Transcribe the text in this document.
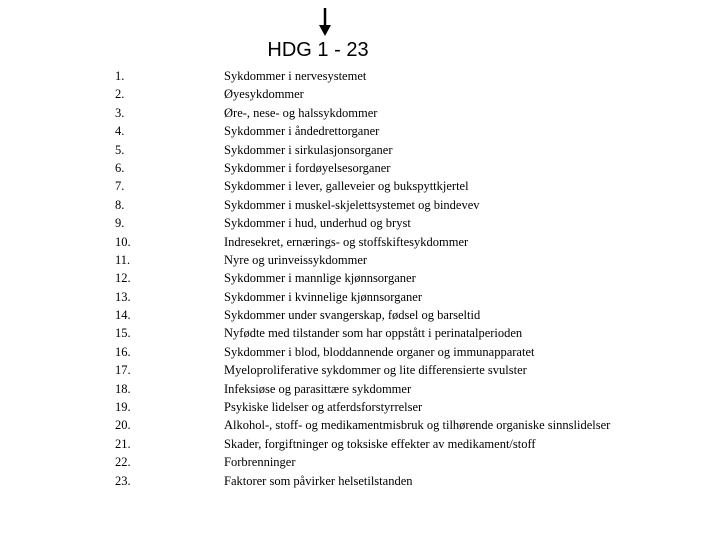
HDG 1 - 23
1.	Sykdommer i nervesystemet
2.	Øyesykdommer
3.	Øre-, nese- og halssykdommer
4.	Sykdommer i åndedrettorganer
5.	Sykdommer i sirkulasjonsorganer
6.	Sykdommer i fordøyelsesorganer
7.	Sykdommer i lever, galleveier og bukspyttkjertel
8.	Sykdommer i muskel-skjelettsystemet og bindevev
9.	Sykdommer i hud, underhud og bryst
10.	Indresekret, ernærings- og stoffskiftesykdommer
11.	Nyre og urinveissykdommer
12.	Sykdommer i mannlige kjønnsorganer
13.	Sykdommer i kvinnelige kjønnsorganer
14.	Sykdommer under svangerskap, fødsel og barseltid
15.	Nyfødte med tilstander som har oppstått i perinatalperioden
16.	Sykdommer i blod, bloddannende organer og immunapparatet
17.	Myeloproliferative sykdommer og lite differensierte svulster
18.	Infeksiøse og parasittære sykdommer
19.	Psykiske lidelser og atferdsforstyrrelser
20.	Alkohol-, stoff- og medikamentmisbruk og tilhørende organiske sinnslidelser
21.	Skader, forgiftninger og toksiske effekter av medikament/stoff
22.	Forbrenninger
23.	Faktorer som påvirker helsetilstanden
